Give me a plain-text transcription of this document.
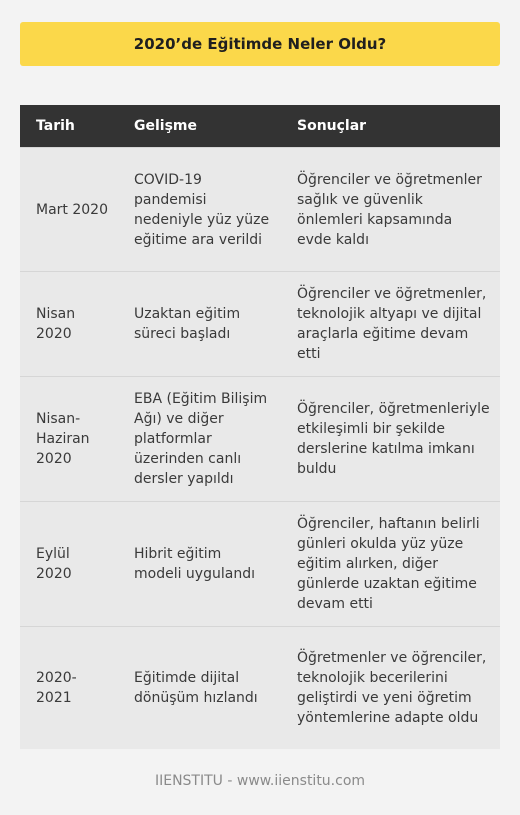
2020’de Eğitimde Neler Oldu?
Tarih	Gelişme	Sonuçlar
Mart 2020	COVID-19 pandemisi nedeniyle yüz yüze eğitime ara verildi	Öğrenciler ve öğretmenler sağlık ve güvenlik önlemleri kapsamında evde kaldı
Nisan 2020	Uzaktan eğitim süreci başladı	Öğrenciler ve öğretmenler, teknolojik altyapı ve dijital araçlarla eğitime devam etti
Nisan-Haziran 2020	EBA (Eğitim Bilişim Ağı) ve diğer platformlar üzerinden canlı dersler yapıldı	Öğrenciler, öğretmenleriyle etkileşimli bir şekilde derslerine katılma imkanı buldu
Eylül 2020	Hibrit eğitim modeli uygulandı	Öğrenciler, haftanın belirli günleri okulda yüz yüze eğitim alırken, diğer günlerde uzaktan eğitime devam etti
2020-2021	Eğitimde dijital dönüşüm hızlandı	Öğretmenler ve öğrenciler, teknolojik becerilerini geliştirdi ve yeni öğretim yöntemlerine adapte oldu
IIENSTITU - www.iienstitu.com
